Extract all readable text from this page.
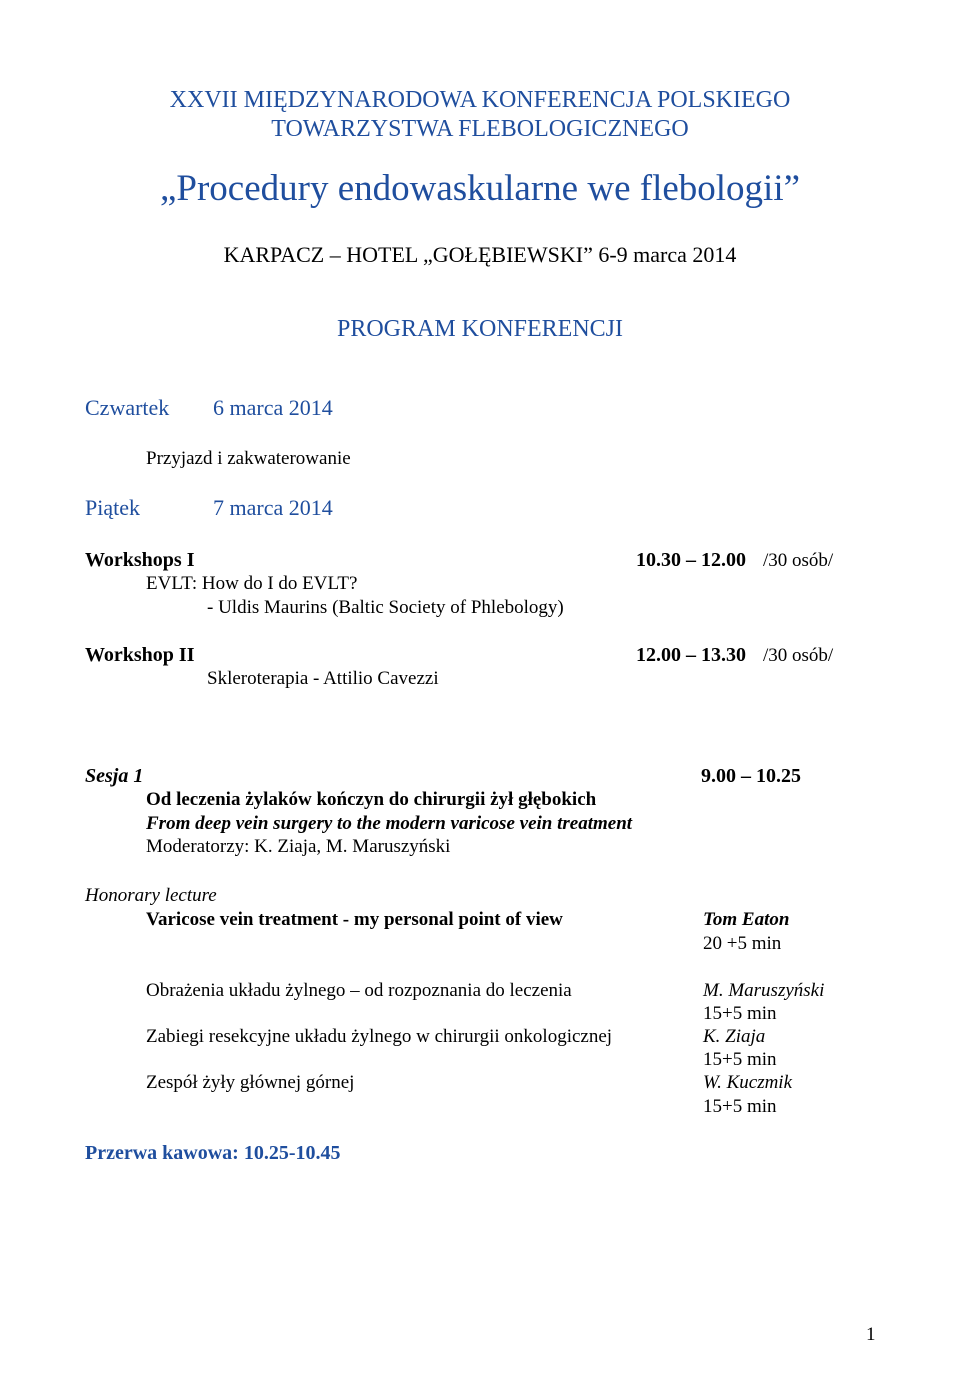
XXVII MIĘDZYNARODOWA KONFERENCJA POLSKIEGO
TOWARZYSTWA FLEBOLOGICZNEGO
„Procedury endowaskularne we flebologii”
KARPACZ – HOTEL „GOŁĘBIEWSKI” 6-9 marca 2014
PROGRAM KONFERENCJI
Czwartek 6 marca 2014
Przyjazd i zakwaterowanie
Piątek	7 marca 2014
Workshops I	10.30 – 12.00 /30 osób/
EVLT: How do I do EVLT?
- Uldis Maurins (Baltic Society of Phlebology)
Workshop II	12.00 – 13.30 /30 osób/
Skleroterapia - Attilio Cavezzi
Sesja 1	9.00 – 10.25
Od leczenia żylaków kończyn do chirurgii żył głębokich
From deep vein surgery to the modern varicose vein treatment
Moderatorzy: K. Ziaja, M. Maruszyński
Honorary lecture
Varicose vein treatment - my personal point of view	Tom Eaton
20 +5 min
Obrażenia układu żylnego – od rozpoznania do leczenia	M. Maruszyński
15+5 min
Zabiegi resekcyjne układu żylnego w chirurgii onkologicznej	K. Ziaja
15+5 min
Zespół żyły głównej górnej	W. Kuczmik
15+5 min
Przerwa kawowa: 10.25-10.45
1
